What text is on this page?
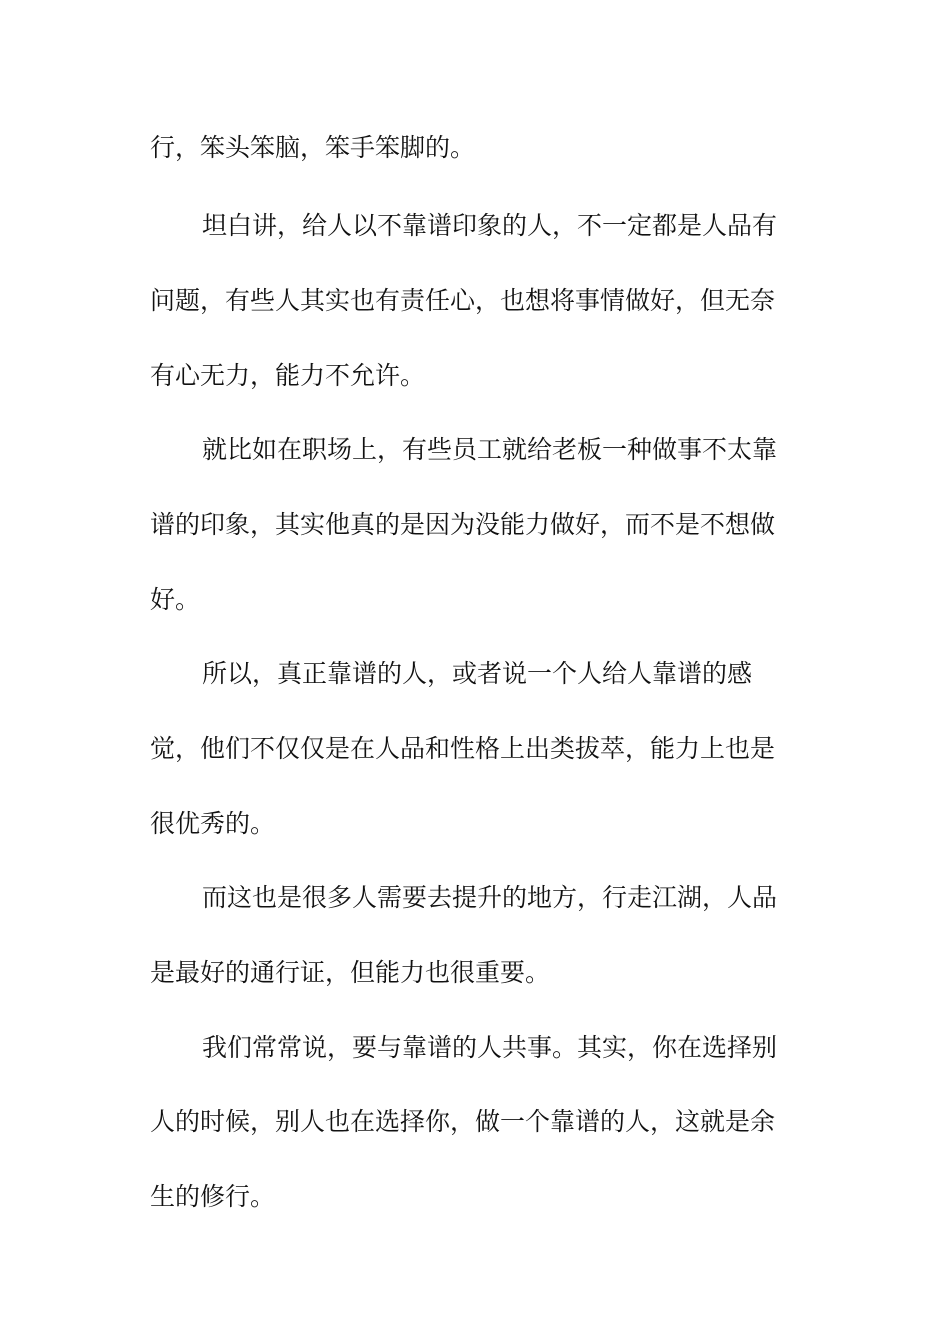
行，笨头笨脑，笨手笨脚的。
坦白讲，给人以不靠谱印象的人，不一定都是人品有
问题，有些人其实也有责任心，也想将事情做好，但无奈
有心无力，能力不允许。
就比如在职场上，有些员工就给老板一种做事不太靠
谱的印象，其实他真的是因为没能力做好，而不是不想做
好。
所以，真正靠谱的人，或者说一个人给人靠谱的感
觉，他们不仅仅是在人品和性格上出类拔萃，能力上也是
很优秀的。
而这也是很多人需要去提升的地方，行走江湖，人品
是最好的通行证，但能力也很重要。
我们常常说，要与靠谱的人共事。其实，你在选择别
人的时候，别人也在选择你，做一个靠谱的人，这就是余
生的修行。
